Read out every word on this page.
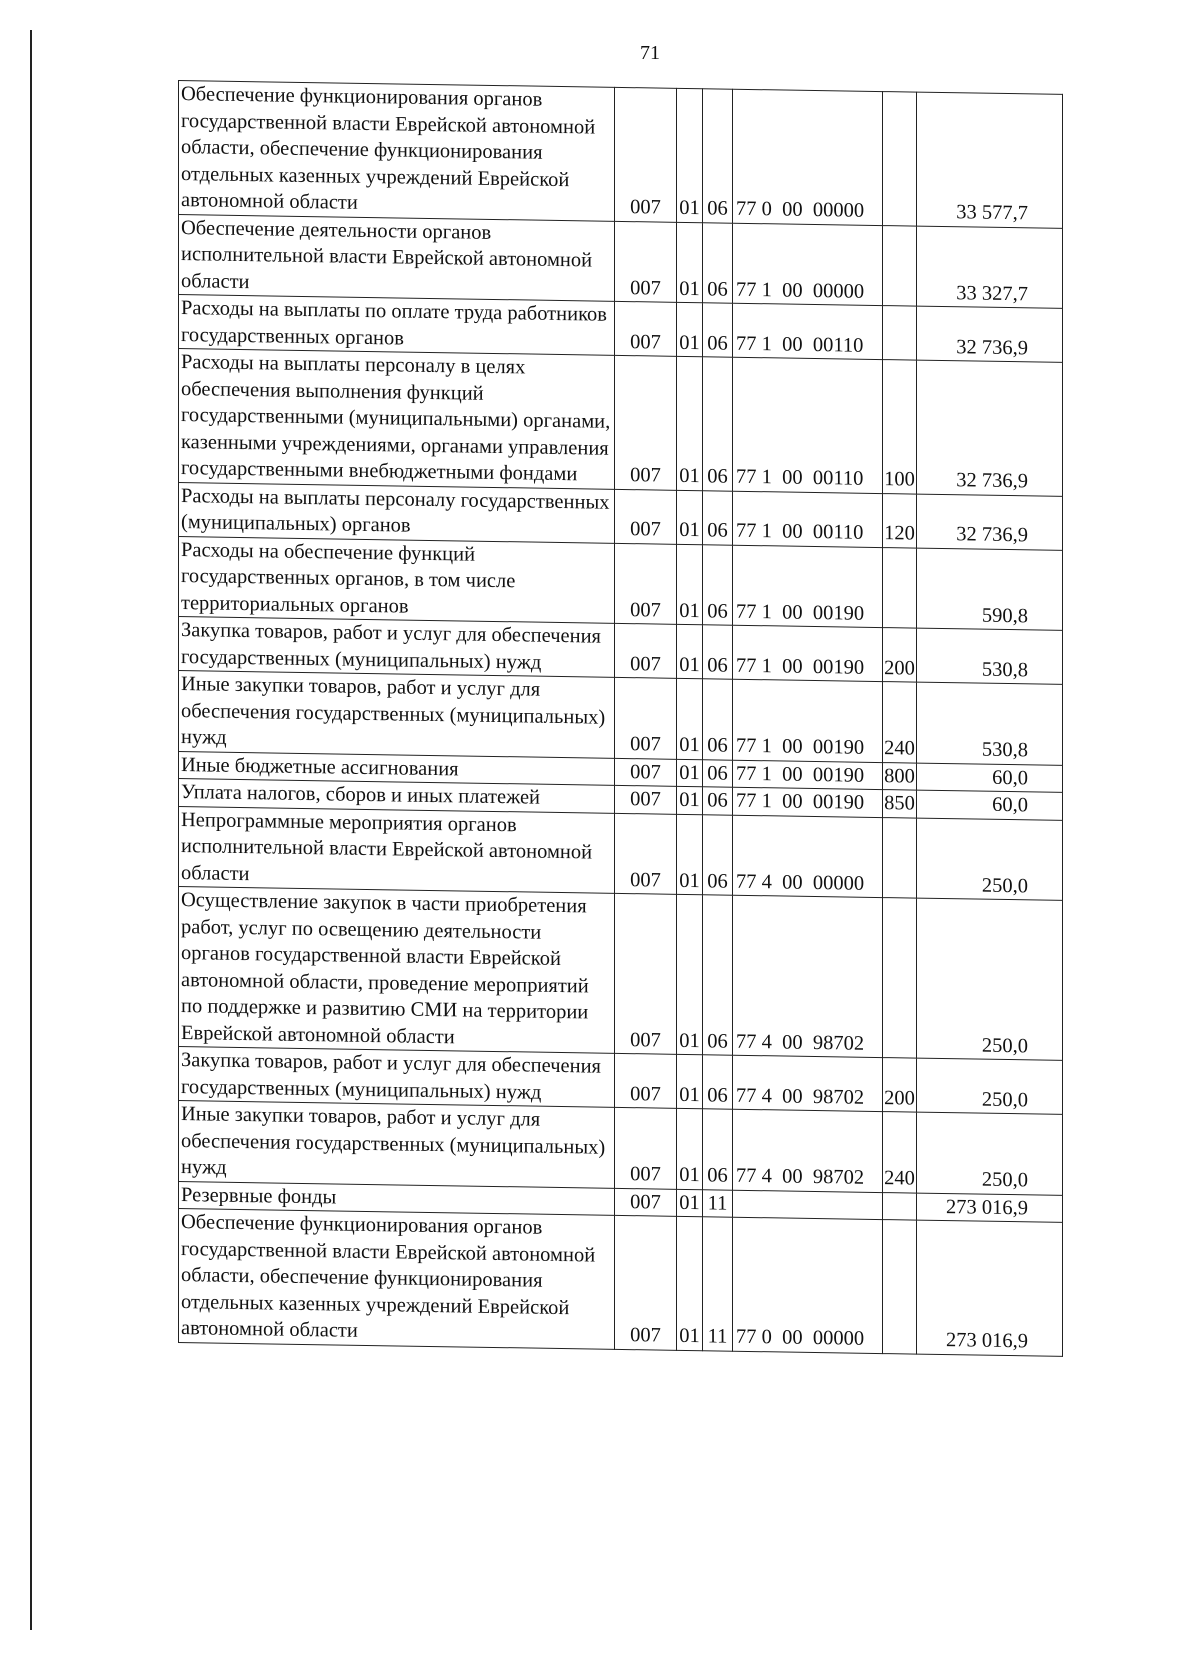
71
Обеспечение функционирования органов государственной власти Еврейской автономной области, обеспечение функционирования отдельных казенных учреждений Еврейской автономной области	007	01	06	77 0  00  00000		33 577,7
Обеспечение деятельности органов исполнительной власти Еврейской автономной области	007	01	06	77 1  00  00000		33 327,7
Расходы на выплаты по оплате труда работников государственных органов	007	01	06	77 1  00  00110		32 736,9
Расходы на выплаты персоналу в целях обеспечения выполнения функций государственными (муниципальными) органами, казенными учреждениями, органами управления государственными внебюджетными фондами	007	01	06	77 1  00  00110	100	32 736,9
Расходы на выплаты персоналу государственных (муниципальных) органов	007	01	06	77 1  00  00110	120	32 736,9
Расходы на обеспечение функций государственных органов, в том числе территориальных органов	007	01	06	77 1  00  00190		590,8
Закупка товаров, работ и услуг для обеспечения государственных (муниципальных) нужд	007	01	06	77 1  00  00190	200	530,8
Иные закупки товаров, работ и услуг для обеспечения государственных (муниципальных) нужд	007	01	06	77 1  00  00190	240	530,8
Иные бюджетные ассигнования	007	01	06	77 1  00  00190	800	60,0
Уплата налогов, сборов и иных платежей	007	01	06	77 1  00  00190	850	60,0
Непрограммные мероприятия органов исполнительной власти Еврейской автономной области	007	01	06	77 4  00  00000		250,0
Осуществление закупок в части приобретения работ, услуг по освещению деятельности органов государственной власти Еврейской автономной области, проведение мероприятий по поддержке и развитию СМИ на территории Еврейской автономной области	007	01	06	77 4  00  98702		250,0
Закупка товаров, работ и услуг для обеспечения государственных (муниципальных) нужд	007	01	06	77 4  00  98702	200	250,0
Иные закупки товаров, работ и услуг для обеспечения государственных (муниципальных) нужд	007	01	06	77 4  00  98702	240	250,0
Резервные фонды	007	01	11			273 016,9
Обеспечение функционирования органов государственной власти Еврейской автономной области, обеспечение функционирования отдельных казенных учреждений Еврейской автономной области	007	01	11	77 0  00  00000		273 016,9
